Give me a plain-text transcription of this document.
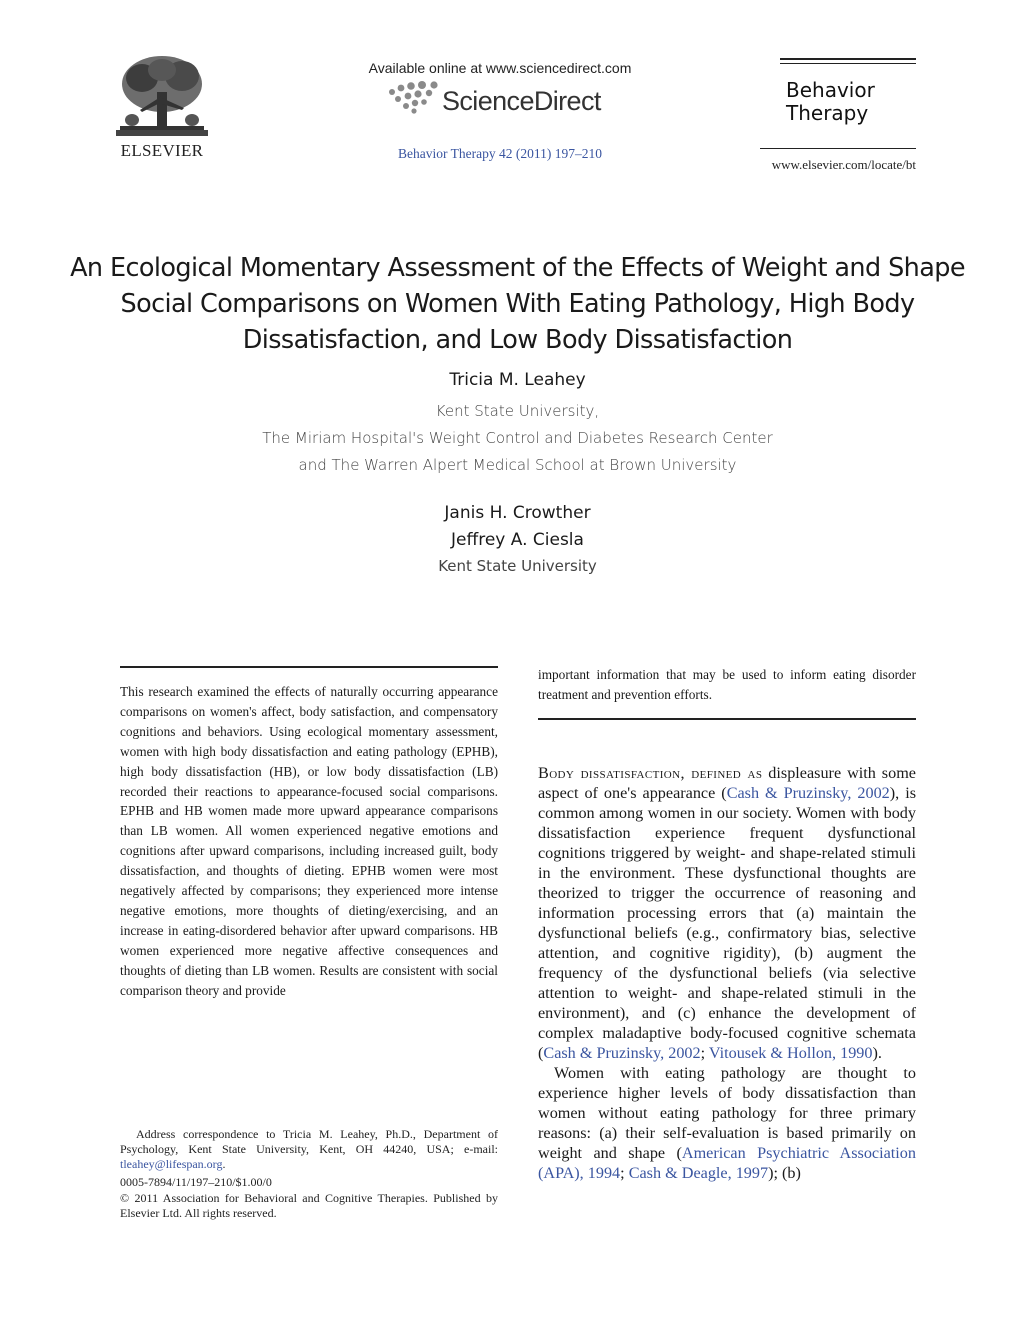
ELSEVIER
Available online at www.sciencedirect.com
ScienceDirect
Behavior Therapy 42 (2011) 197–210
Behavior
Therapy
www.elsevier.com/locate/bt
An Ecological Momentary Assessment of the Effects of Weight and Shape Social Comparisons on Women With Eating Pathology, High Body Dissatisfaction, and Low Body Dissatisfaction
Tricia M. Leahey
Kent State University,
The Miriam Hospital's Weight Control and Diabetes Research Center
and The Warren Alpert Medical School at Brown University
Janis H. Crowther
Jeffrey A. Ciesla
Kent State University
This research examined the effects of naturally occurring appearance comparisons on women's affect, body satisfaction, and compensatory cognitions and behaviors. Using ecological momentary assessment, women with high body dissatisfaction and eating pathology (EPHB), high body dissatisfaction (HB), or low body dissatisfaction (LB) recorded their reactions to appearance-focused social comparisons. EPHB and HB women made more upward appearance comparisons than LB women. All women experienced negative emotions and cognitions after upward comparisons, including increased guilt, body dissatisfaction, and thoughts of dieting. EPHB women were most negatively affected by comparisons; they experienced more intense negative emotions, more thoughts of dieting/exercising, and an increase in eating-disordered behavior after upward comparisons. HB women experienced more negative affective consequences and thoughts of dieting than LB women. Results are consistent with social comparison theory and provide
important information that may be used to inform eating disorder treatment and prevention efforts.
Address correspondence to Tricia M. Leahey, Ph.D., Department of Psychology, Kent State University, Kent, OH 44240, USA; e-mail: tleahey@lifespan.org.
0005-7894/11/197–210/$1.00/0
© 2011 Association for Behavioral and Cognitive Therapies. Published by Elsevier Ltd. All rights reserved.

Body dissatisfaction, defined as displeasure with some aspect of one's appearance (Cash & Pruzinsky, 2002), is common among women in our society. Women with body dissatisfaction experience frequent dysfunctional cognitions triggered by weight- and shape-related stimuli in the environment. These dysfunctional thoughts are theorized to trigger the occurrence of reasoning and information processing errors that (a) maintain the dysfunctional beliefs (e.g., confirmatory bias, selective attention, and cognitive rigidity), (b) augment the frequency of the dysfunctional beliefs (via selective attention to weight- and shape-related stimuli in the environment), and (c) enhance the development of complex maladaptive body-focused cognitive schemata (Cash & Pruzinsky, 2002; Vitousek & Hollon, 1990).

Women with eating pathology are thought to experience higher levels of body dissatisfaction than women without eating pathology for three primary reasons: (a) their self-evaluation is based primarily on weight and shape (American Psychiatric Association (APA), 1994; Cash & Deagle, 1997); (b)
